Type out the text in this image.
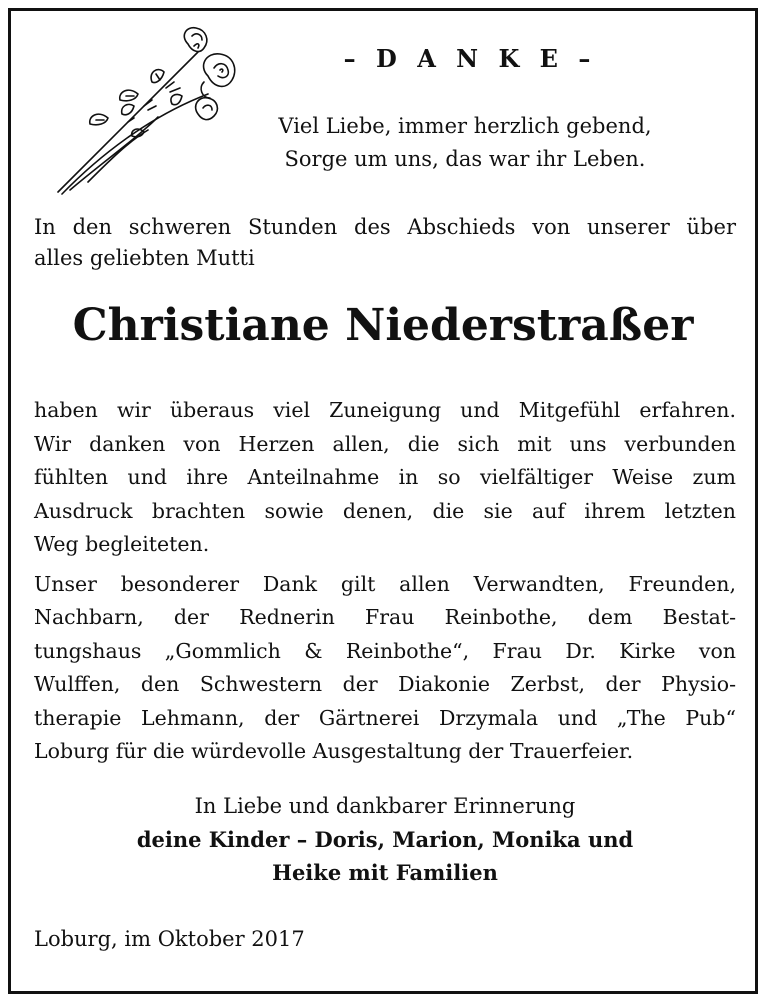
– D A N K E –
Viel Liebe, immer herzlich gebend,
Sorge um uns, das war ihr Leben.
In den schweren Stunden des Abschieds von unserer über
alles geliebten Mutti
Christiane Niederstraßer

haben wir überaus viel Zuneigung und Mitgefühl erfahren.
Wir danken von Herzen allen, die sich mit uns verbunden
fühlten und ihre Anteilnahme in so vielfältiger Weise zum
Ausdruck brachten sowie denen, die sie auf ihrem letzten
Weg begleiteten.

Unser besonderer Dank gilt allen Verwandten, Freunden,
Nachbarn, der Rednerin Frau Reinbothe, dem Bestat-
tungshaus „Gommlich & Reinbothe“, Frau Dr. Kirke von
Wulffen, den Schwestern der Diakonie Zerbst, der Physio-
therapie Lehmann, der Gärtnerei Drzymala und „The Pub“
Loburg für die würdevolle Ausgestaltung der Trauerfeier.

In Liebe und dankbarer Erinnerung
deine Kinder – Doris, Marion, Monika und
Heike mit Familien
Loburg, im Oktober 2017
